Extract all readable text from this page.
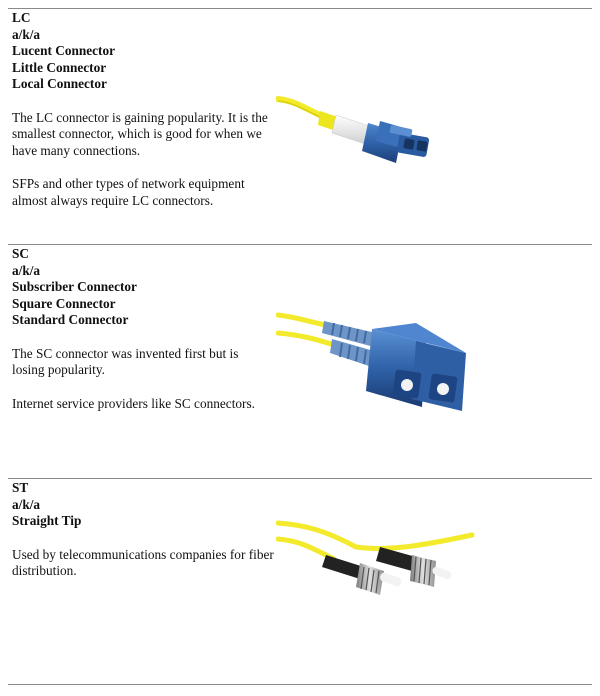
LC
a/k/a
Lucent Connector
Little Connector
Local Connector

The LC connector is gaining popularity. It is the smallest connector, which is good for when we have many connections.

SFPs and other types of network equipment almost always require LC connectors.

SC
a/k/a
Subscriber Connector
Square Connector
Standard Connector

The SC connector was invented first but is losing popularity.

Internet service providers like SC connectors.

ST
a/k/a
Straight Tip

Used by telecommunications companies for fiber distribution.
